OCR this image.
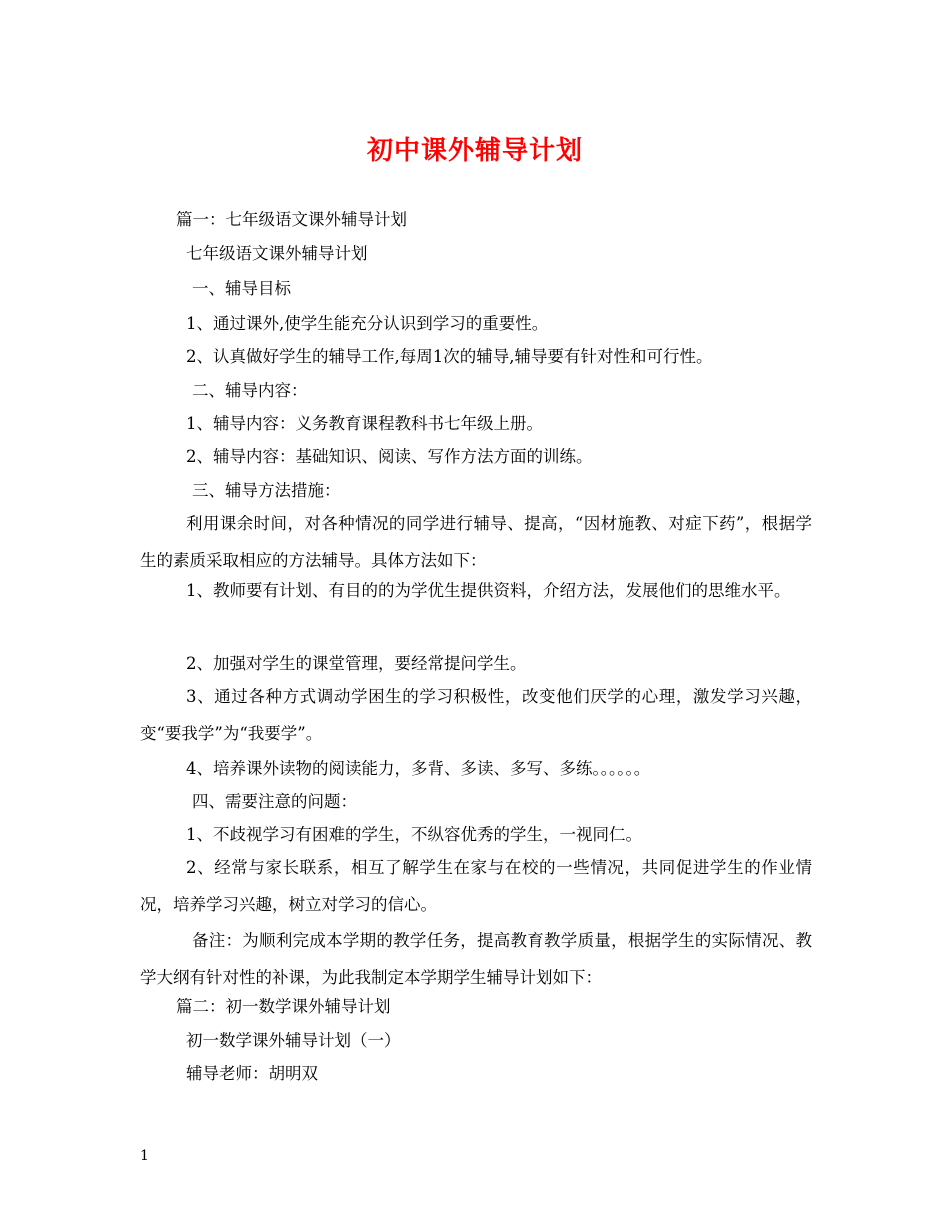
初中课外辅导计划
篇一：七年级语文课外辅导计划
七年级语文课外辅导计划
一、辅导目标
1、通过课外,使学生能充分认识到学习的重要性。
2、认真做好学生的辅导工作,每周1次的辅导,辅导要有针对性和可行性。
二、辅导内容：
1、辅导内容：义务教育课程教科书七年级上册。
2、辅导内容：基础知识、阅读、写作方法方面的训练。
三、辅导方法措施：
利用课余时间，对各种情况的同学进行辅导、提高，“因材施教、对症下药”，根据学生的素质采取相应的方法辅导。具体方法如下：
1、教师要有计划、有目的的为学优生提供资料，介绍方法，发展他们的思维水平。
2、加强对学生的课堂管理，要经常提问学生。
3、通过各种方式调动学困生的学习积极性，改变他们厌学的心理，激发学习兴趣，变“要我学”为“我要学”。
4、培养课外读物的阅读能力，多背、多读、多写、多练。。。。。。
四、需要注意的问题：
1、不歧视学习有困难的学生，不纵容优秀的学生，一视同仁。
2、经常与家长联系，相互了解学生在家与在校的一些情况，共同促进学生的作业情况，培养学习兴趣，树立对学习的信心。
备注：为顺利完成本学期的教学任务，提高教育教学质量，根据学生的实际情况、教学大纲有针对性的补课，为此我制定本学期学生辅导计划如下：
篇二：初一数学课外辅导计划
初一数学课外辅导计划（一）
辅导老师：胡明双
1
